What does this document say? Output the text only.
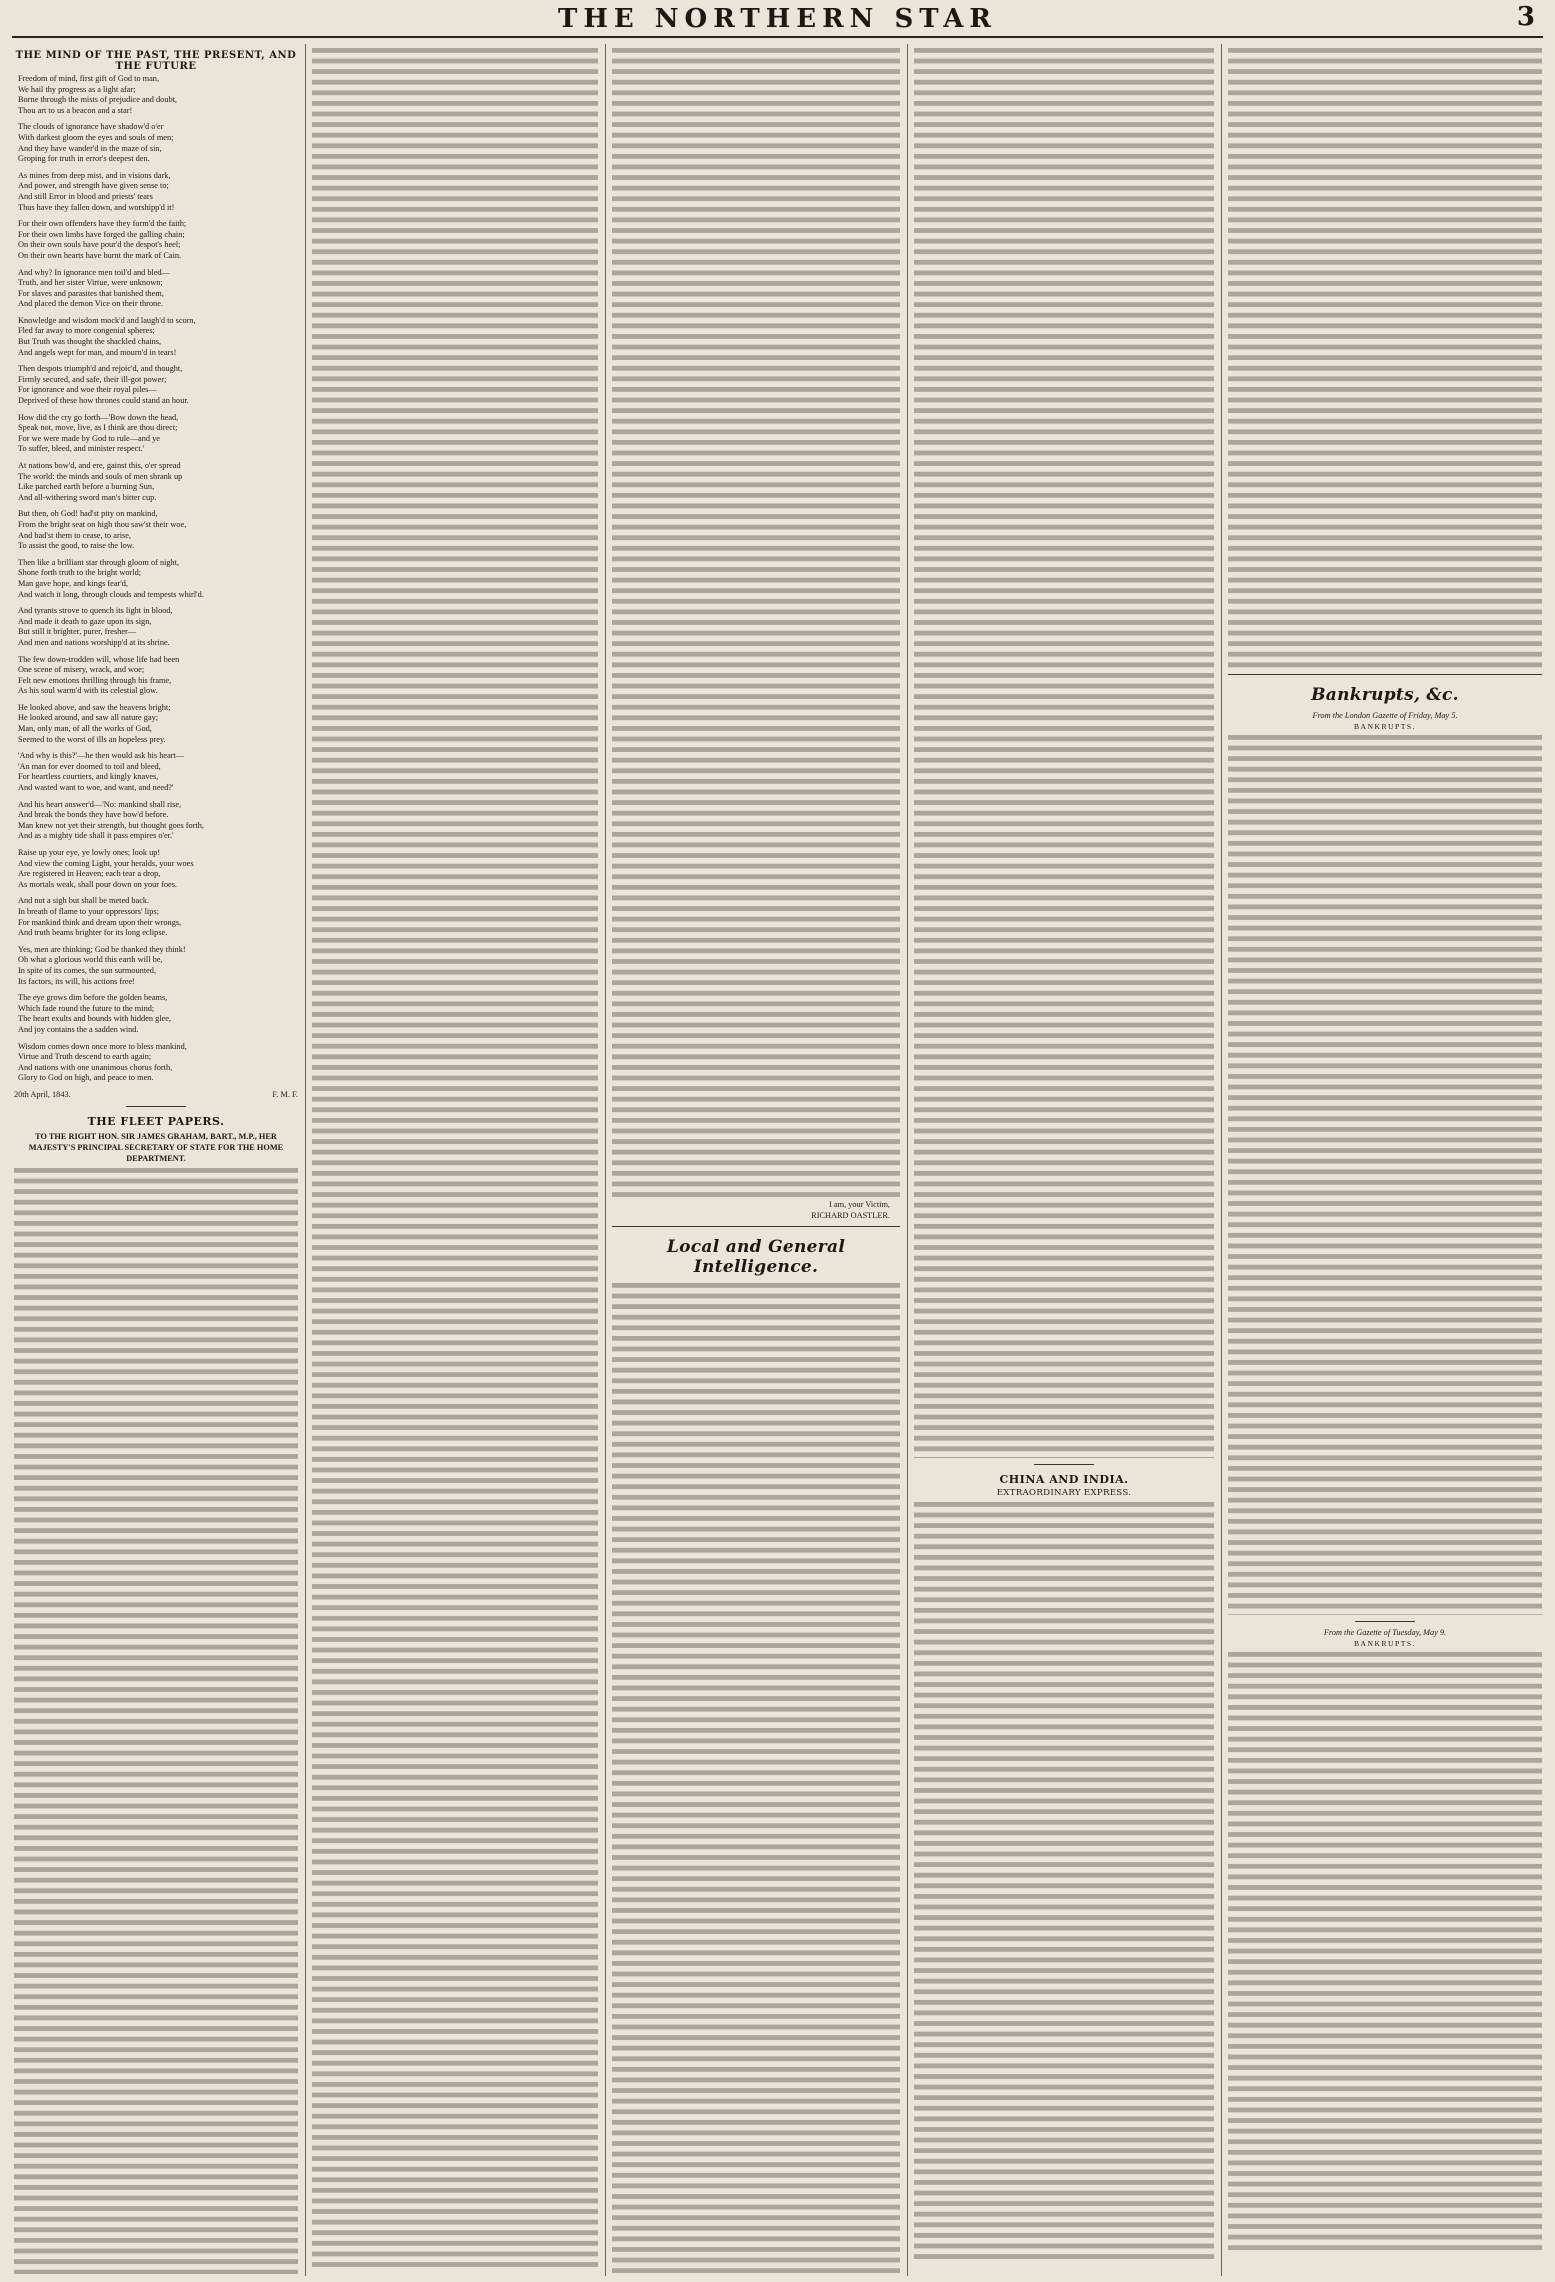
THE NORTHERN STAR	3
THE MIND OF THE PAST, THE PRESENT, AND THE FUTURE
Freedom of mind, first gift of God to man,
We hail thy progress as a light afar;
Borne through the mists of prejudice and doubt,
Thou art to us a beacon and a star!
The clouds of ignorance have shadow'd o'er
With darkest gloom the eyes and souls of men;
And they have wander'd in the maze of sin,
Groping for truth in error's deepest den.
As mines from deep mist, and in visions dark,
And power, and strength have given sense to;
And still Error in blood and priests' tears
Thus have they fallen down, and worshipp'd it!
For their own offenders have they form'd the faith;
For their own limbs have forged the galling chain;
On their own souls have pour'd the despot's heel;
On their own hearts have burnt the mark of Cain.
And why? In ignorance men toil'd and bled—
Truth, and her sister Virtue, were unknown;
For slaves and parasites that banished them,
And placed the demon Vice on their throne.
Knowledge and wisdom mock'd and laugh'd to scorn,
Fled far away to more congenial spheres;
But Truth was thought the shackled chains,
And angels wept for man, and mourn'd in tears!
Then despots triumph'd and rejoic'd, and thought,
Firmly secured, and safe, their ill-got power;
For ignorance and woe their royal piles—
Deprived of these how thrones could stand an hour.
How did the cry go forth—'Bow down the head,
Speak not, move, live, as I think are thou direct;
For we were made by God to rule—and ye
To suffer, bleed, and minister respect.'
At nations bow'd, and ere, gainst this, o'er spread
The world: the minds and souls of men shrank up
Like parched earth before a burning Sun,
And all-withering sword man's bitter cup.
But then, oh God! had'st pity on mankind,
From the bright seat on high thou saw'st their woe,
And bad'st them to cease, to arise,
To assist the good, to raise the low.
Then like a brilliant star through gloom of night,
Shone forth truth to the bright world;
Man gave hope, and kings fear'd,
And watch it long, through clouds and tempests whirl'd.
And tyrants strove to quench its light in blood,
And made it death to gaze upon its sign,
But still it brighter, purer, fresher—
And men and nations worshipp'd at its shrine.
The few down-trodden will, whose life had been
One scene of misery, wrack, and woe;
Felt new emotions thrilling through his frame,
As his soul warm'd with its celestial glow.
He looked above, and saw the heavens bright;
He looked around, and saw all nature gay;
Man, only man, of all the works of God,
Seemed to the worst of ills an hopeless prey.
'And why is this?'—he then would ask his heart—
'An man for ever doomed to toil and bleed,
For heartless courtiers, and kingly knaves,
And wasted want to woe, and want, and need?'
And his heart answer'd—'No: mankind shall rise,
And break the bonds they have bow'd before.
Man knew not yet their strength, but thought goes forth,
And as a mighty tide shall it pass empires o'er.'
Raise up your eye, ye lowly ones; look up!
And view the coming Light, your heralds, your woes
Are registered in Heaven; each tear a drop,
As mortals weak, shall pour down on your foes.
And not a sigh but shall be meted back.
In breath of flame to your oppressors' lips;
For mankind think and dream upon their wrongs,
And truth beams brighter for its long eclipse.
Yes, men are thinking; God be thanked they think!
Oh what a glorious world this earth will be,
In spite of its comes, the sun surmounted,
Its factors, its will, his actions free!
The eye grows dim before the golden beams,
Which fade round the future to the mind;
The heart exults and bounds with hidden glee,
And joy contains the a sadden wind.
Wisdom comes down once more to bless mankind,
Virtue and Truth descend to earth again;
And nations with one unanimous chorus forth,
Glory to God on high, and peace to men.
20th April, 1843.	F. M. F.
THE FLEET PAPERS.
TO THE RIGHT HON. SIR JAMES GRAHAM, BART., M.P., HER MAJESTY'S PRINCIPAL SECRETARY OF STATE FOR THE HOME DEPARTMENT.
I am, your Victim,
RICHARD OASTLER.
Local and General Intelligence.
CHINA AND INDIA.
EXTRAORDINARY EXPRESS.
Bankrupts, &c.
From the London Gazette of Friday, May 5.
BANKRUPTS.
From the Gazette of Tuesday, May 9.
BANKRUPTS.
